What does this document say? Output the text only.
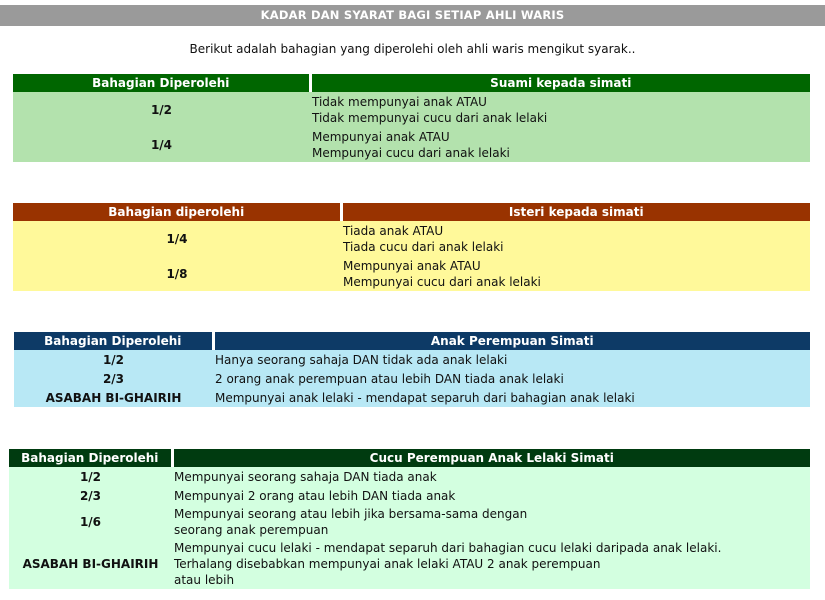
KADAR DAN SYARAT BAGI SETIAP AHLI WARIS
Berikut adalah bahagian yang diperolehi oleh ahli waris mengikut syarak..
Bahagian Diperolehi	Suami kepada simati
1/2	Tidak mempunyai anak ATAU
Tidak mempunyai cucu dari anak lelaki

1/4	Mempunyai anak ATAU
Mempunyai cucu dari anak lelaki
Bahagian diperolehi	Isteri kepada simati
1/4	Tiada anak ATAU
Tiada cucu dari anak lelaki

1/8	Mempunyai anak ATAU
Mempunyai cucu dari anak lelaki
Bahagian Diperolehi	Anak Perempuan Simati
1/2	Hanya seorang sahaja DAN tidak ada anak lelaki

2/3	2 orang anak perempuan atau lebih DAN tiada anak lelaki

ASABAH BI-GHAIRIH	Mempunyai anak lelaki - mendapat separuh dari bahagian anak lelaki
Bahagian Diperolehi	Cucu Perempuan Anak Lelaki Simati
1/2	Mempunyai seorang sahaja DAN tiada anak

2/3	Mempunyai 2 orang atau lebih DAN tiada anak

1/6	Mempunyai seorang atau lebih jika bersama-sama dengan
seorang anak perempuan

ASABAH BI-GHAIRIH	Mempunyai cucu lelaki - mendapat separuh dari bahagian cucu lelaki daripada anak lelaki.
Terhalang disebabkan mempunyai anak lelaki ATAU 2 anak perempuan
atau lebih
